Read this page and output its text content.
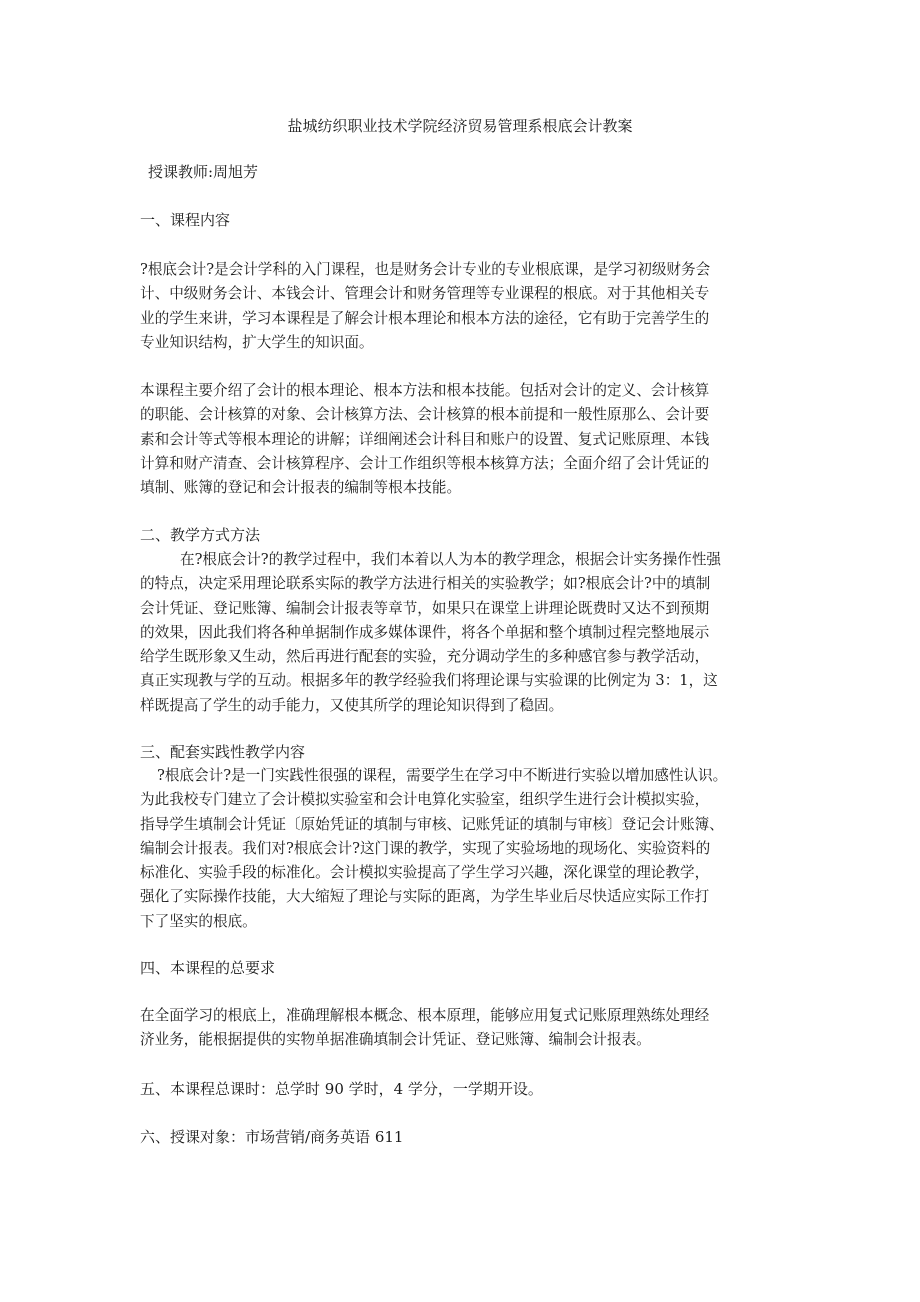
盐城纺织职业技术学院经济贸易管理系根底会计教案
授课教师:周旭芳
一、课程内容
?根底会计?是会计学科的入门课程，也是财务会计专业的专业根底课，是学习初级财务会
计、中级财务会计、本钱会计、管理会计和财务管理等专业课程的根底。对于其他相关专
业的学生来讲，学习本课程是了解会计根本理论和根本方法的途径，它有助于完善学生的
专业知识结构，扩大学生的知识面。
本课程主要介绍了会计的根本理论、根本方法和根本技能。包括对会计的定义、会计核算
的职能、会计核算的对象、会计核算方法、会计核算的根本前提和一般性原那么、会计要
素和会计等式等根本理论的讲解；详细阐述会计科目和账户的设置、复式记账原理、本钱
计算和财产清查、会计核算程序、会计工作组织等根本核算方法；全面介绍了会计凭证的
填制、账簿的登记和会计报表的编制等根本技能。
二、教学方式方法
在?根底会计?的教学过程中，我们本着以人为本的教学理念，根据会计实务操作性强
的特点，决定采用理论联系实际的教学方法进行相关的实验教学；如?根底会计?中的填制
会计凭证、登记账簿、编制会计报表等章节，如果只在课堂上讲理论既费时又达不到预期
的效果，因此我们将各种单据制作成多媒体课件，将各个单据和整个填制过程完整地展示
给学生既形象又生动，然后再进行配套的实验，充分调动学生的多种感官参与教学活动，
真正实现教与学的互动。根据多年的教学经验我们将理论课与实验课的比例定为 3：1，这
样既提高了学生的动手能力，又使其所学的理论知识得到了稳固。
三、配套实践性教学内容
?根底会计?是一门实践性很强的课程，需要学生在学习中不断进行实验以增加感性认识。
为此我校专门建立了会计模拟实验室和会计电算化实验室，组织学生进行会计模拟实验，
指导学生填制会计凭证〔原始凭证的填制与审核、记账凭证的填制与审核〕登记会计账簿、
编制会计报表。我们对?根底会计?这门课的教学，实现了实验场地的现场化、实验资料的
标准化、实验手段的标准化。会计模拟实验提高了学生学习兴趣，深化课堂的理论教学，
强化了实际操作技能，大大缩短了理论与实际的距离，为学生毕业后尽快适应实际工作打
下了坚实的根底。
四、本课程的总要求
在全面学习的根底上，准确理解根本概念、根本原理，能够应用复式记账原理熟练处理经
济业务，能根据提供的实物单据准确填制会计凭证、登记账簿、编制会计报表。
五、本课程总课时：总学时 90 学时，4 学分，一学期开设。
六、授课对象：市场营销/商务英语 611
